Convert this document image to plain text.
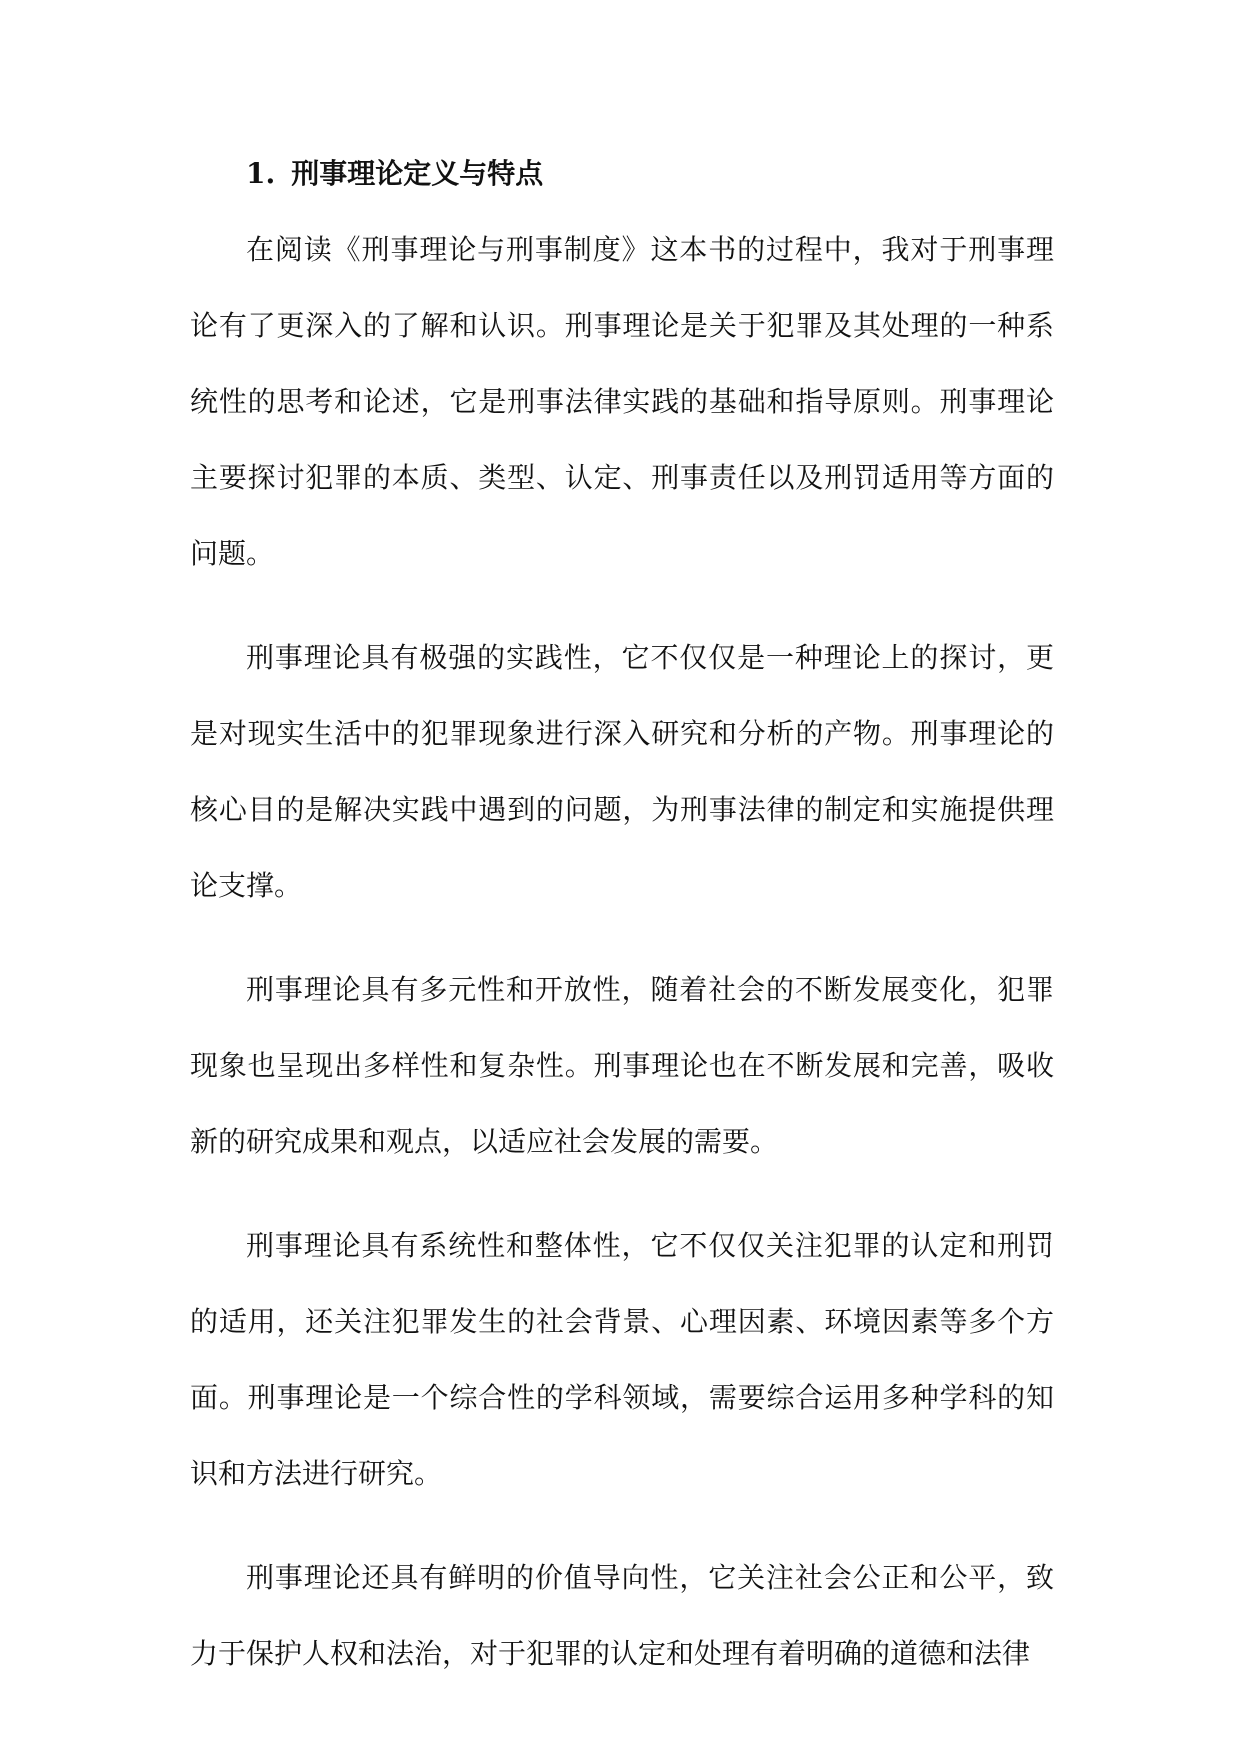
1. 刑事理论定义与特点

在阅读《刑事理论与刑事制度》这本书的过程中，我对于刑事理论有了更深入的了解和认识。刑事理论是关于犯罪及其处理的一种系统性的思考和论述，它是刑事法律实践的基础和指导原则。刑事理论主要探讨犯罪的本质、类型、认定、刑事责任以及刑罚适用等方面的问题。

刑事理论具有极强的实践性，它不仅仅是一种理论上的探讨，更是对现实生活中的犯罪现象进行深入研究和分析的产物。刑事理论的核心目的是解决实践中遇到的问题，为刑事法律的制定和实施提供理论支撑。

刑事理论具有多元性和开放性，随着社会的不断发展变化，犯罪现象也呈现出多样性和复杂性。刑事理论也在不断发展和完善，吸收新的研究成果和观点，以适应社会发展的需要。

刑事理论具有系统性和整体性，它不仅仅关注犯罪的认定和刑罚的适用，还关注犯罪发生的社会背景、心理因素、环境因素等多个方面。刑事理论是一个综合性的学科领域，需要综合运用多种学科的知识和方法进行研究。

刑事理论还具有鲜明的价值导向性，它关注社会公正和公平，致力于保护人权和法治，对于犯罪的认定和处理有着明确的道德和法律
